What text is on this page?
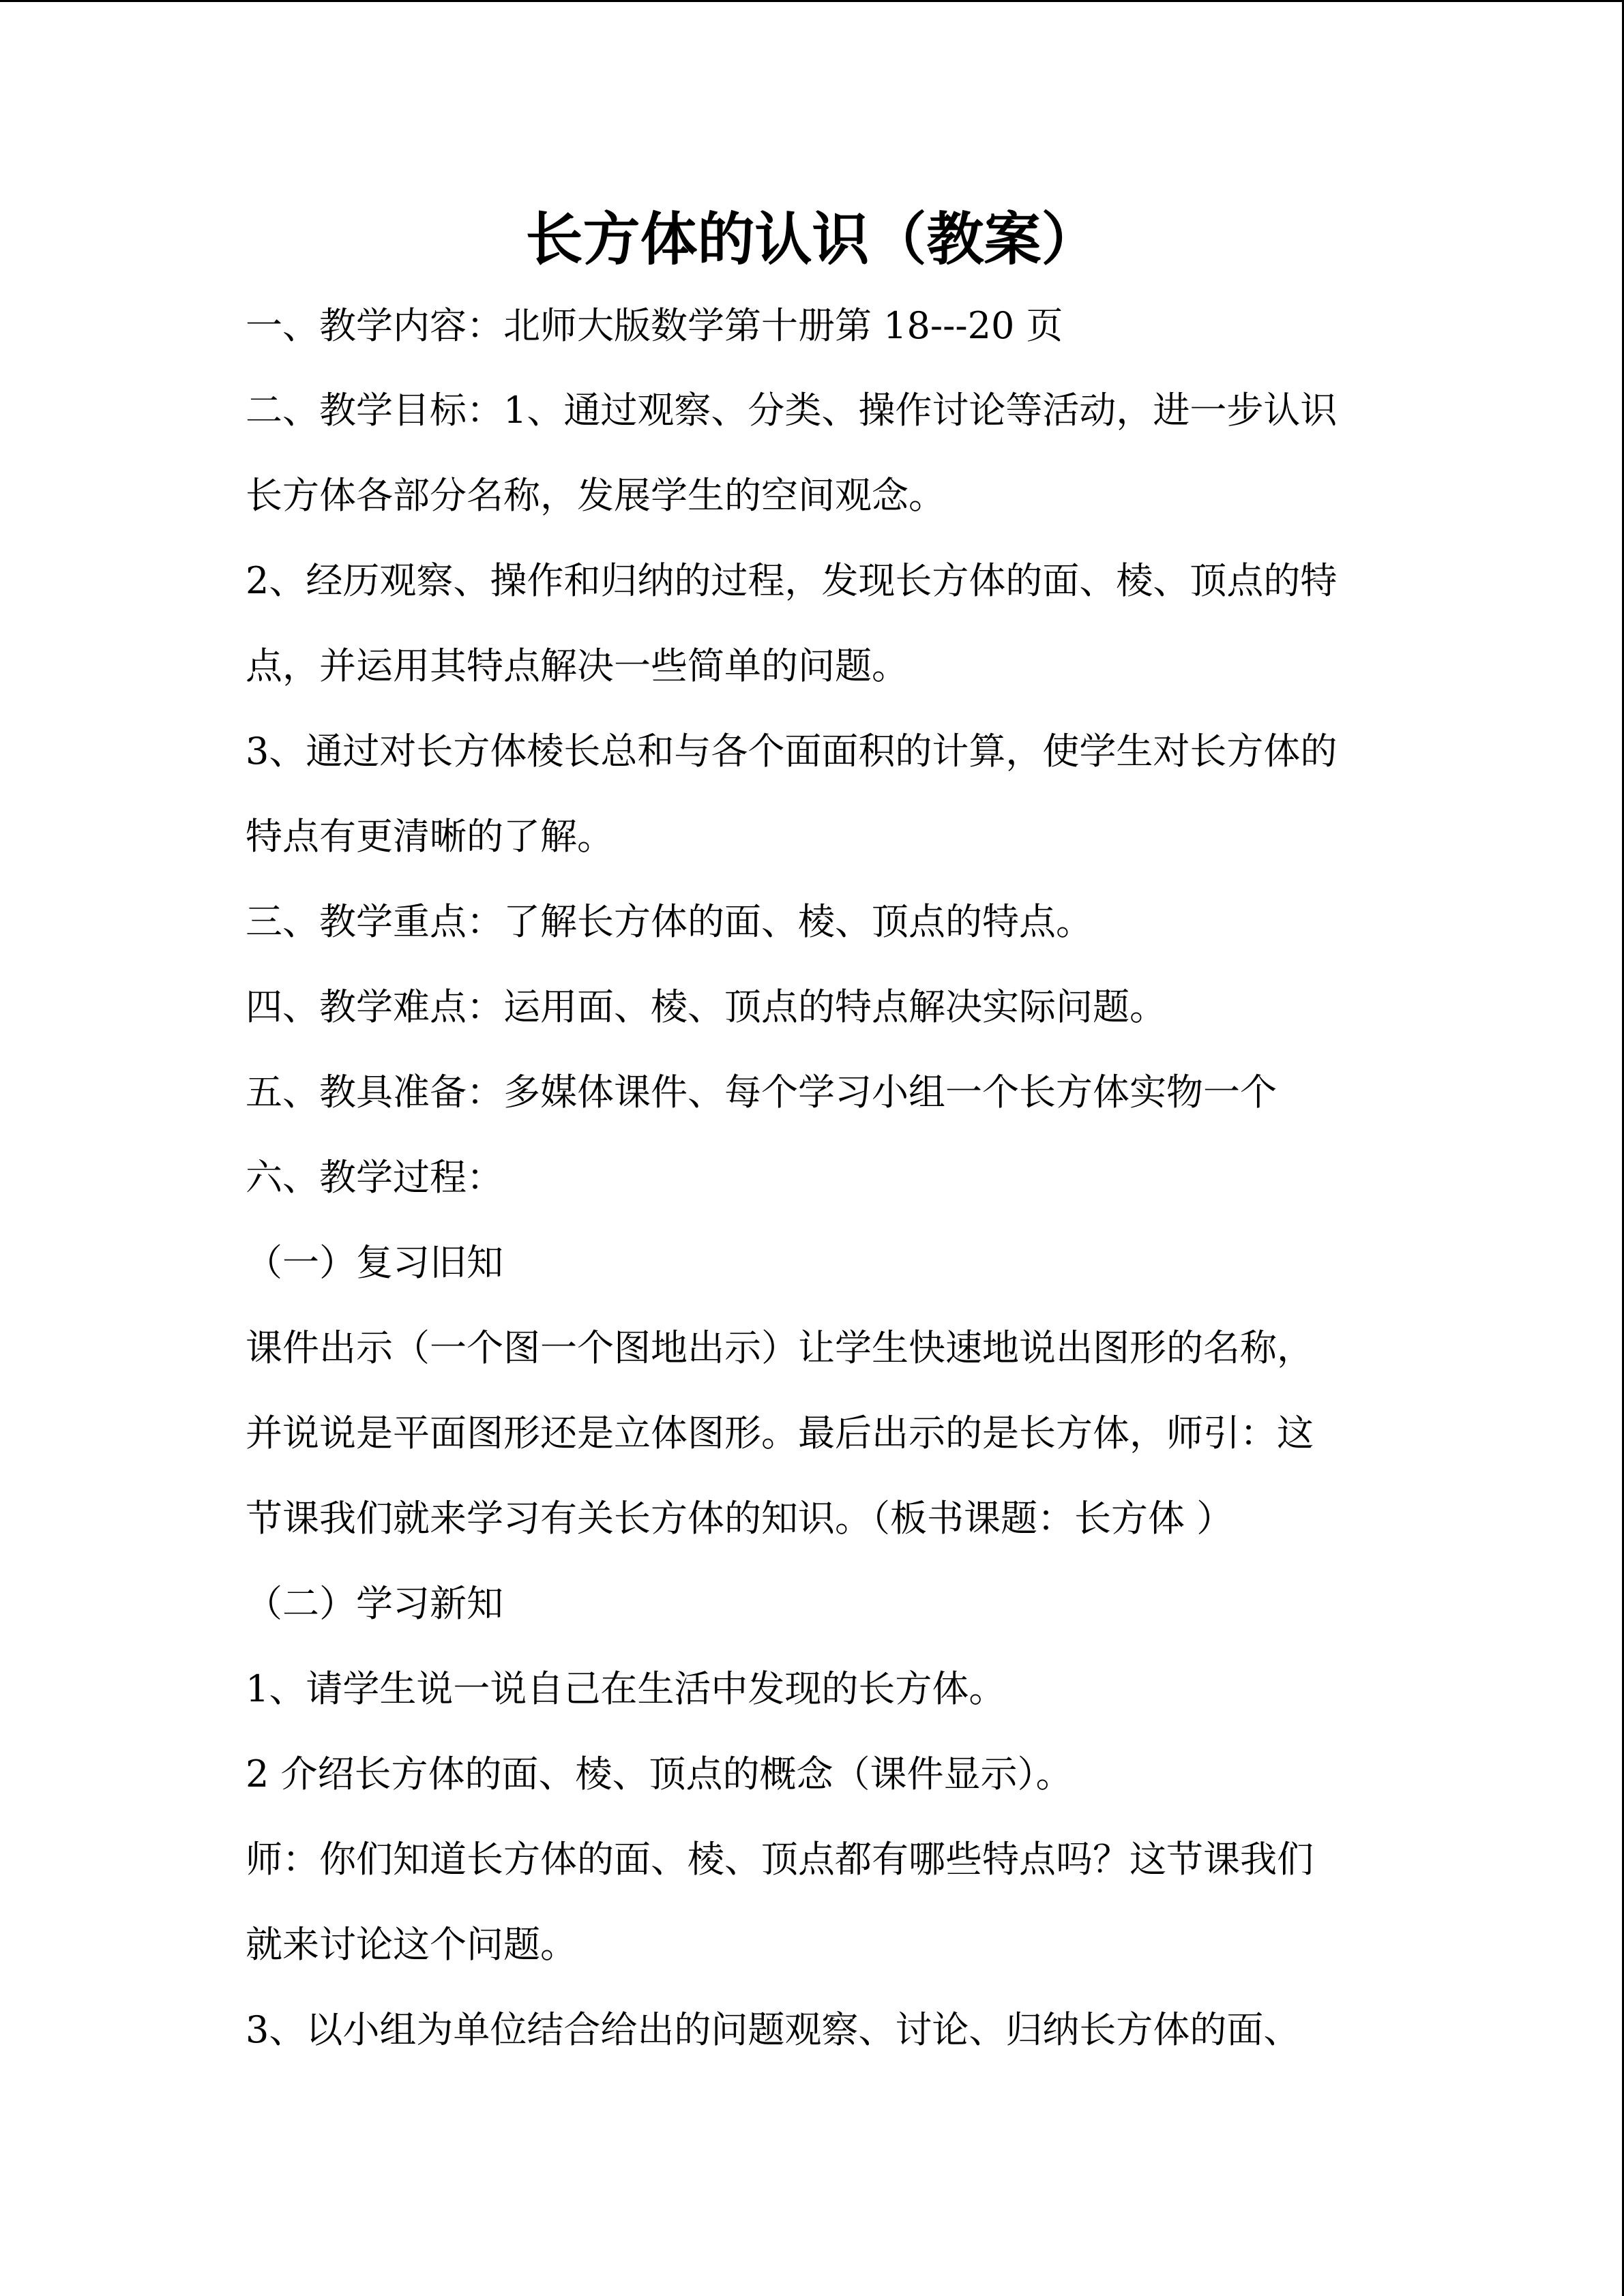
长方体的认识（教案）

一、教学内容：北师大版数学第十册第 18---20 页

二、教学目标：1、通过观察、分类、操作讨论等活动，进一步认识

长方体各部分名称，发展学生的空间观念。

2、经历观察、操作和归纳的过程，发现长方体的面、棱、顶点的特

点，并运用其特点解决一些简单的问题。

3、通过对长方体棱长总和与各个面面积的计算，使学生对长方体的

特点有更清晰的了解。

三、教学重点：了解长方体的面、棱、顶点的特点。

四、教学难点：运用面、棱、顶点的特点解决实际问题。

五、教具准备：多媒体课件、每个学习小组一个长方体实物一个

六、教学过程：

（一）复习旧知

课件出示（一个图一个图地出示）让学生快速地说出图形的名称，

并说说是平面图形还是立体图形。最后出示的是长方体，师引：这

节课我们就来学习有关长方体的知识。（板书课题：长方体 ）

（二）学习新知

1、请学生说一说自己在生活中发现的长方体。

2 介绍长方体的面、棱、顶点的概念（课件显示）。

师：你们知道长方体的面、棱、顶点都有哪些特点吗？这节课我们

就来讨论这个问题。

3、以小组为单位结合给出的问题观察、讨论、归纳长方体的面、
